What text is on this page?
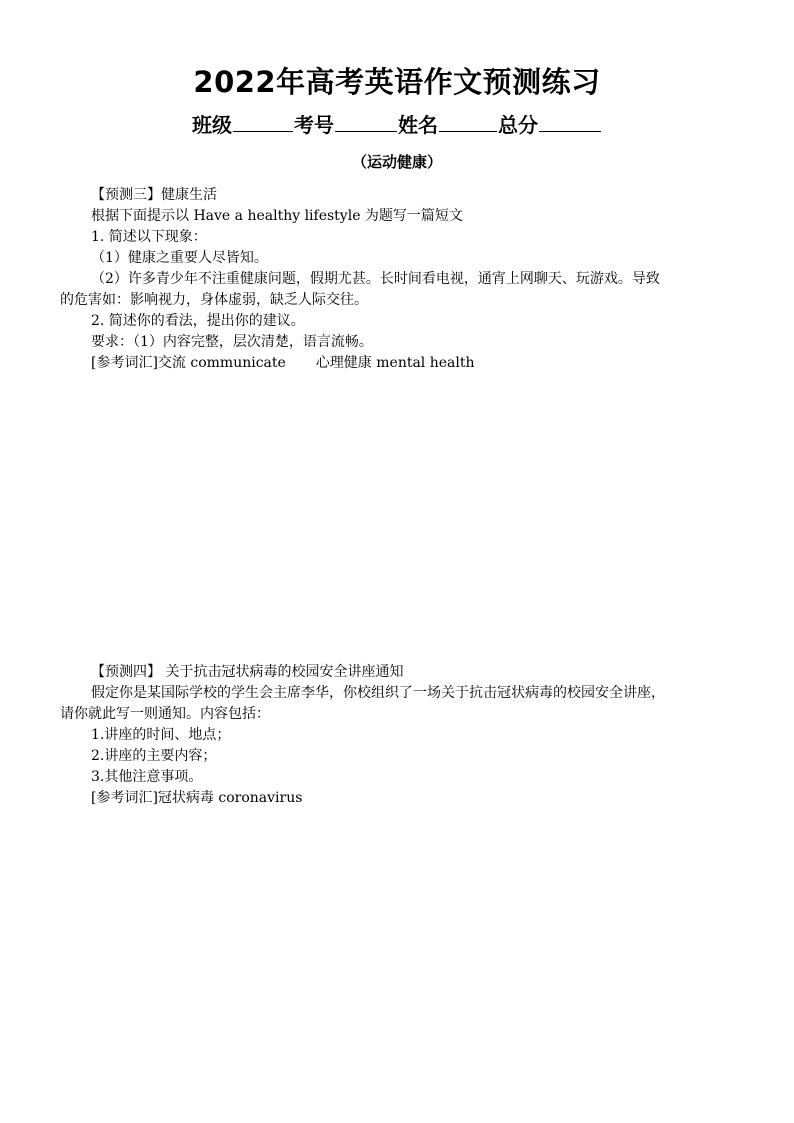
2022年高考英语作文预测练习
班级	考号	姓名	总分
（运动健康）
【预测三】健康生活
根据下面提示以 Have a healthy lifestyle 为题写一篇短文
1. 简述以下现象：
（1）健康之重要人尽皆知。
（2）许多青少年不注重健康问题，假期尤甚。长时间看电视，通宵上网聊天、玩游戏。导致
的危害如：影响视力，身体虚弱，缺乏人际交往。
2. 简述你的看法，提出你的建议。
要求：（1）内容完整，层次清楚，语言流畅。
[参考词汇]交流 communicate 心理健康 mental health
【预测四】 关于抗击冠状病毒的校园安全讲座通知
假定你是某国际学校的学生会主席李华，你校组织了一场关于抗击冠状病毒的校园安全讲座，
请你就此写一则通知。内容包括：
1.讲座的时间、地点；
2.讲座的主要内容；
3.其他注意事项。
[参考词汇]冠状病毒 coronavirus
